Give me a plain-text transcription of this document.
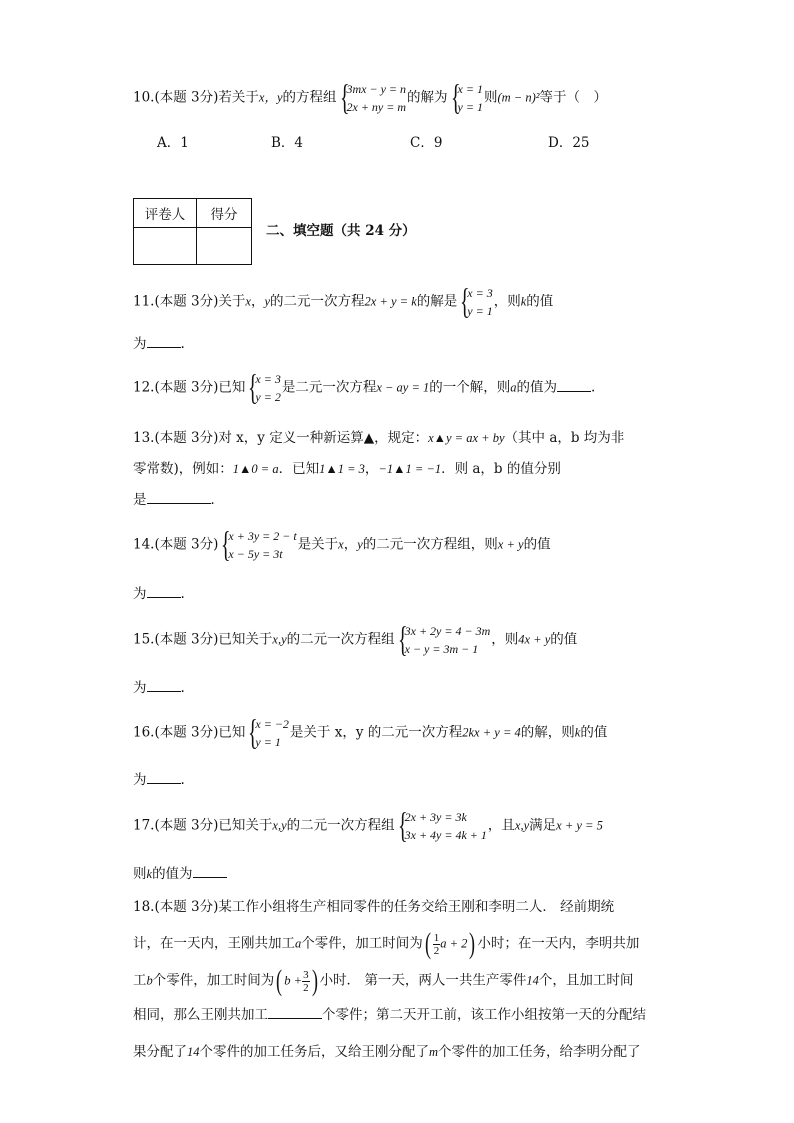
10.(本题 3分)若关于x，y的方程组 {
3mx − y = n
2x + ny = m
的解为 {
x = 1
y = 1
则(m − n)²等于（　）
A．1	B．4	C．9	D．25
评卷人	得分

二、填空题（共 24 分）
11.(本题 3分)关于x，y的二元一次方程2x + y = k的解是 {
x = 3
y = 1
，则k的值
为	.
12.(本题 3分)已知 {
x = 3
y = 2
是二元一次方程x − ay = 1的一个解，则a的值为	.
13.(本题 3分)对 x，y 定义一种新运算▲，规定：x▲y = ax + by（其中 a，b 均为非
零常数)，例如：1▲0 = a．已知1▲1 = 3，−1▲1 = −1．则 a，b 的值分别
是	．
14.(本题 3分) {
x + 3y = 2 − t
x − 5y = 3t
是关于x，y的二元一次方程组，则x + y的值
为	.
15.(本题 3分)已知关于x,y的二元一次方程组 {
3x + 2y = 4 − 3m
x − y = 3m − 1
，则4x + y的值
为	.
16.(本题 3分)已知 {
x = −2
y = 1
是关于 x，y 的二元一次方程2kx + y = 4的解，则k的值
为	.
17.(本题 3分)已知关于x,y的二元一次方程组 {
2x + 3y = 3k
3x + 4y = 4k + 1
，且x,y满足x + y = 5
则k的值为
18.(本题 3分)某工作小组将生产相同零件的任务交给王刚和李明二人． 经前期统
计，在一天内，王刚共加工a个零件，加工时间为( $\frac{1}{2}$ a + 2) 小时；在一天内，李明共加
工b个零件，加工时间为( $b + \frac{3}{2}$ ) 小时． 第一天，两人一共生产零件14个，且加工时间
相同，那么王刚共加工	个零件；第二天开工前，该工作小组按第一天的分配结
果分配了14个零件的加工任务后，又给王刚分配了m个零件的加工任务，给李明分配了
